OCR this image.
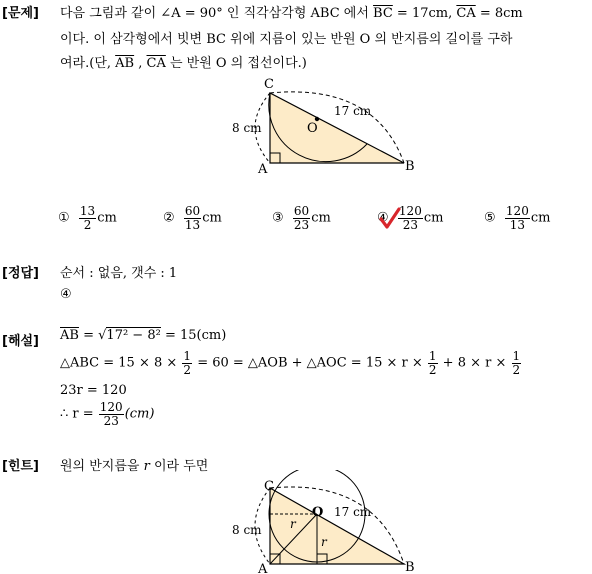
[문제] 다음 그림과 같이 ∠A = 90° 인 직각삼각형 ABC 에서 $\overline{BC} = 17cm$, $\overline{CA} = 8cm$
이다. 이 삼각형에서 빗변 BC 위에 지름이 있는 반원 O 의 반지름의 길이를 구하
여라.(단, $\overline{AB}$ , $\overline{CA}$ 는 반원 O 의 접선이다.)
C
A	B
O
8 cm
17 cm
① $\frac{13}{2}$ cm	② $\frac{60}{13}$ cm	③ $\frac{60}{23}$ cm	④ $\frac{120}{23}$ cm	⑤ $\frac{120}{13}$ cm
[정답] 순서 : 없음, 갯수 : 1
④
[해설] $\overline{AB} = √17^2 - 8^2 = 15(cm)$
△ABC = $15 \times 8 \times \frac{1}{2} = 60$ = △AOB + △AOC = $15 \times r \times \frac{1}{2} + 8 \times r \times \frac{1}{2}$
23r = 120
∴ $r = \frac{120}{23} (cm)$
[힌트] 원의 반지름을 r 이라 두면
C
A	B
O
8 cm
17 cm
r
r
